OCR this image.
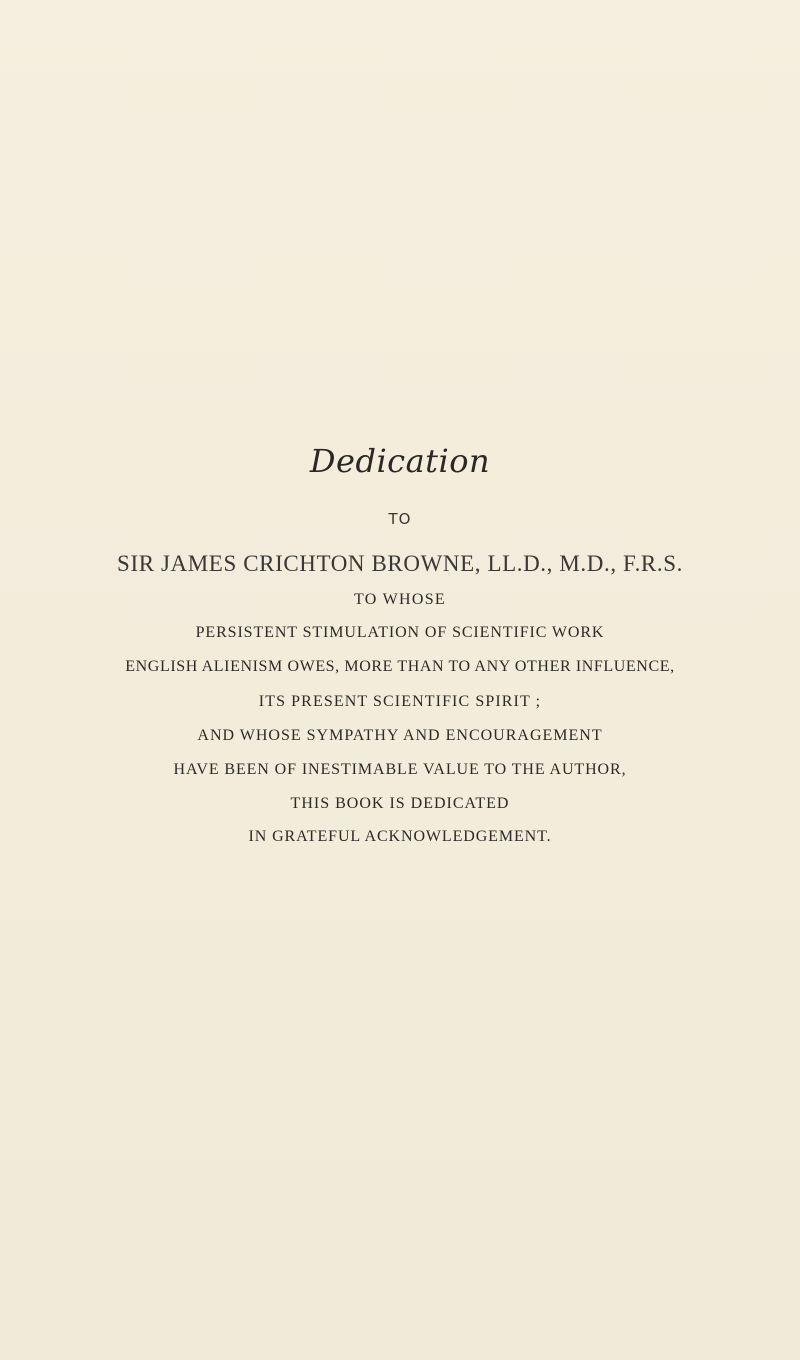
Dedication
TO
SIR JAMES CRICHTON BROWNE, LL.D., M.D., F.R.S.
TO WHOSE
PERSISTENT STIMULATION OF SCIENTIFIC WORK
ENGLISH ALIENISM OWES, MORE THAN TO ANY OTHER INFLUENCE,
ITS PRESENT SCIENTIFIC SPIRIT ;
AND WHOSE SYMPATHY AND ENCOURAGEMENT
HAVE BEEN OF INESTIMABLE VALUE TO THE AUTHOR,
THIS BOOK IS DEDICATED
IN GRATEFUL ACKNOWLEDGEMENT.
